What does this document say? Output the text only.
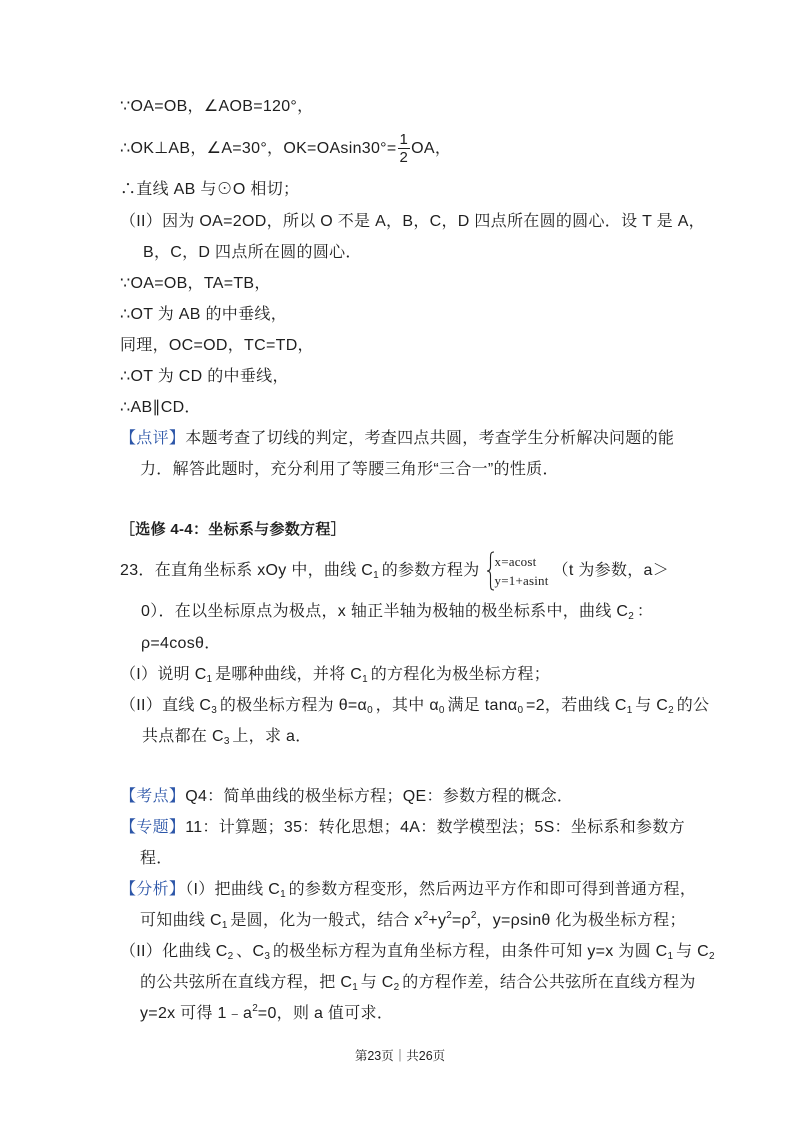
∵OA=OB，∠AOB=120°，
∴OK⊥AB，∠A=30°，$OK=OAsin30^\circ= \frac{1}{2}$ OA，
∴直线 AB 与⊙O 相切；
（II）因为 OA=2OD，所以 O 不是 A，B，C，D 四点所在圆的圆心．设 T 是 A，
B，C，D 四点所在圆的圆心．
∵OA=OB，TA=TB，
∴OT 为 AB 的中垂线，
同理，OC=OD，TC=TD，
∴OT 为 CD 的中垂线，
∴AB∥CD．
【点评】本题考查了切线的判定，考查四点共圆，考查学生分析解决问题的能
力．解答此题时，充分利用了等腰三角形“三合一”的性质．
［选修 4-4：坐标系与参数方程］
23．在直角坐标系 xOy 中，曲线 $C_1$ 的参数方程为
x=acost
y=1+asint
（t 为参数，a＞
0）．在以坐标原点为极点，x 轴正半轴为极轴的极坐标系中，曲线 $C_2$ ：
ρ=4cosθ．
（I）说明 $C_1$ 是哪种曲线，并将 $C_1$ 的方程化为极坐标方程；
（II）直线 $C_3$ 的极坐标方程为 $\theta=\alpha_0$ ，其中 $\alpha_0$ 满足 tanα$_0$ =2，若曲线 $C_1$ 与 $C_2$ 的公
共点都在 $C_3$ 上，求 a．
【考点】Q4：简单曲线的极坐标方程；QE：参数方程的概念．
【专题】11：计算题；35：转化思想；4A：数学模型法；5S：坐标系和参数方
程．
【分析】（I）把曲线 $C_1$ 的参数方程变形，然后两边平方作和即可得到普通方程，
可知曲线 $C_1$ 是圆，化为一般式，结合 $x^2+y^2=\rho^2$，y=ρsinθ 化为极坐标方程；
（II）化曲线 $C_2$ 、$C_3$ 的极坐标方程为直角坐标方程，由条件可知 y=x 为圆 $C_1$ 与 $C_2$
的公共弦所在直线方程，把 $C_1$ 与 $C_2$ 的方程作差，结合公共弦所在直线方程为
y=2x 可得 $1﹣a^2=0$，则 a 值可求．
第23页｜共26页
